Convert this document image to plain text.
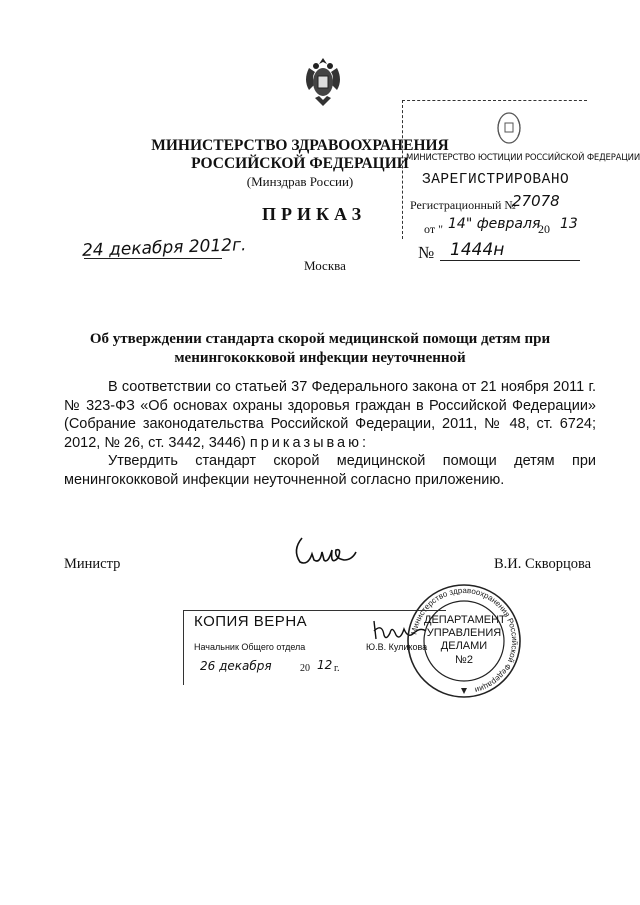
МИНИСТЕРСТВО ЗДРАВООХРАНЕНИЯ
РОССИЙСКОЙ ФЕДЕРАЦИИ
(Минздрав России)
ПРИКАЗ
24 декабря 2012г.
Москва
№ 1444н
МИНИСТЕРСТВО ЮСТИЦИИ РОССИЙСКОЙ ФЕДЕРАЦИИ
ЗАРЕГИСТРИРОВАНО
Регистрационный №
27078
от " 14" февраля
20 13
Об утверждении стандарта скорой медицинской помощи детям при
менингококковой инфекции неуточненной

В соответствии со статьей 37 Федерального закона от 21 ноября 2011 г. № 323-ФЗ «Об основах охраны здоровья граждан в Российской Федерации» (Собрание законодательства Российской Федерации, 2011, № 48, ст. 6724; 2012, № 26, ст. 3442, 3446) приказываю:

Утвердить стандарт скорой медицинской помощи детям при менингококковой инфекции неуточненной согласно приложению.

Министр	В.И. Скворцова
КОПИЯ ВЕРНА
Начальник Общего отдела	Ю.В. Куликова
26 декабря	20 12 г.
Министерство здравоохранения Российской Федерации
ДЕПАРТАМЕНТ
УПРАВЛЕНИЯ
ДЕЛАМИ
№2
